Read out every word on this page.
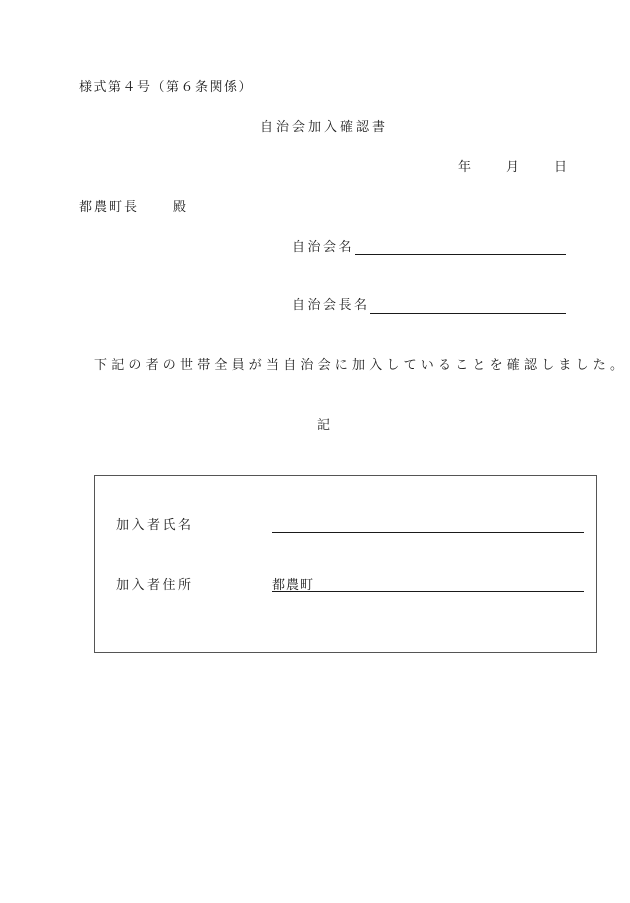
様式第４号（第６条関係）
自治会加入確認書
年 月 日
都農町長	殿
自治会名
自治会長名
下記の者の世帯全員が当自治会に加入していることを確認しました。
記
加入者氏名
加入者住所	都農町
